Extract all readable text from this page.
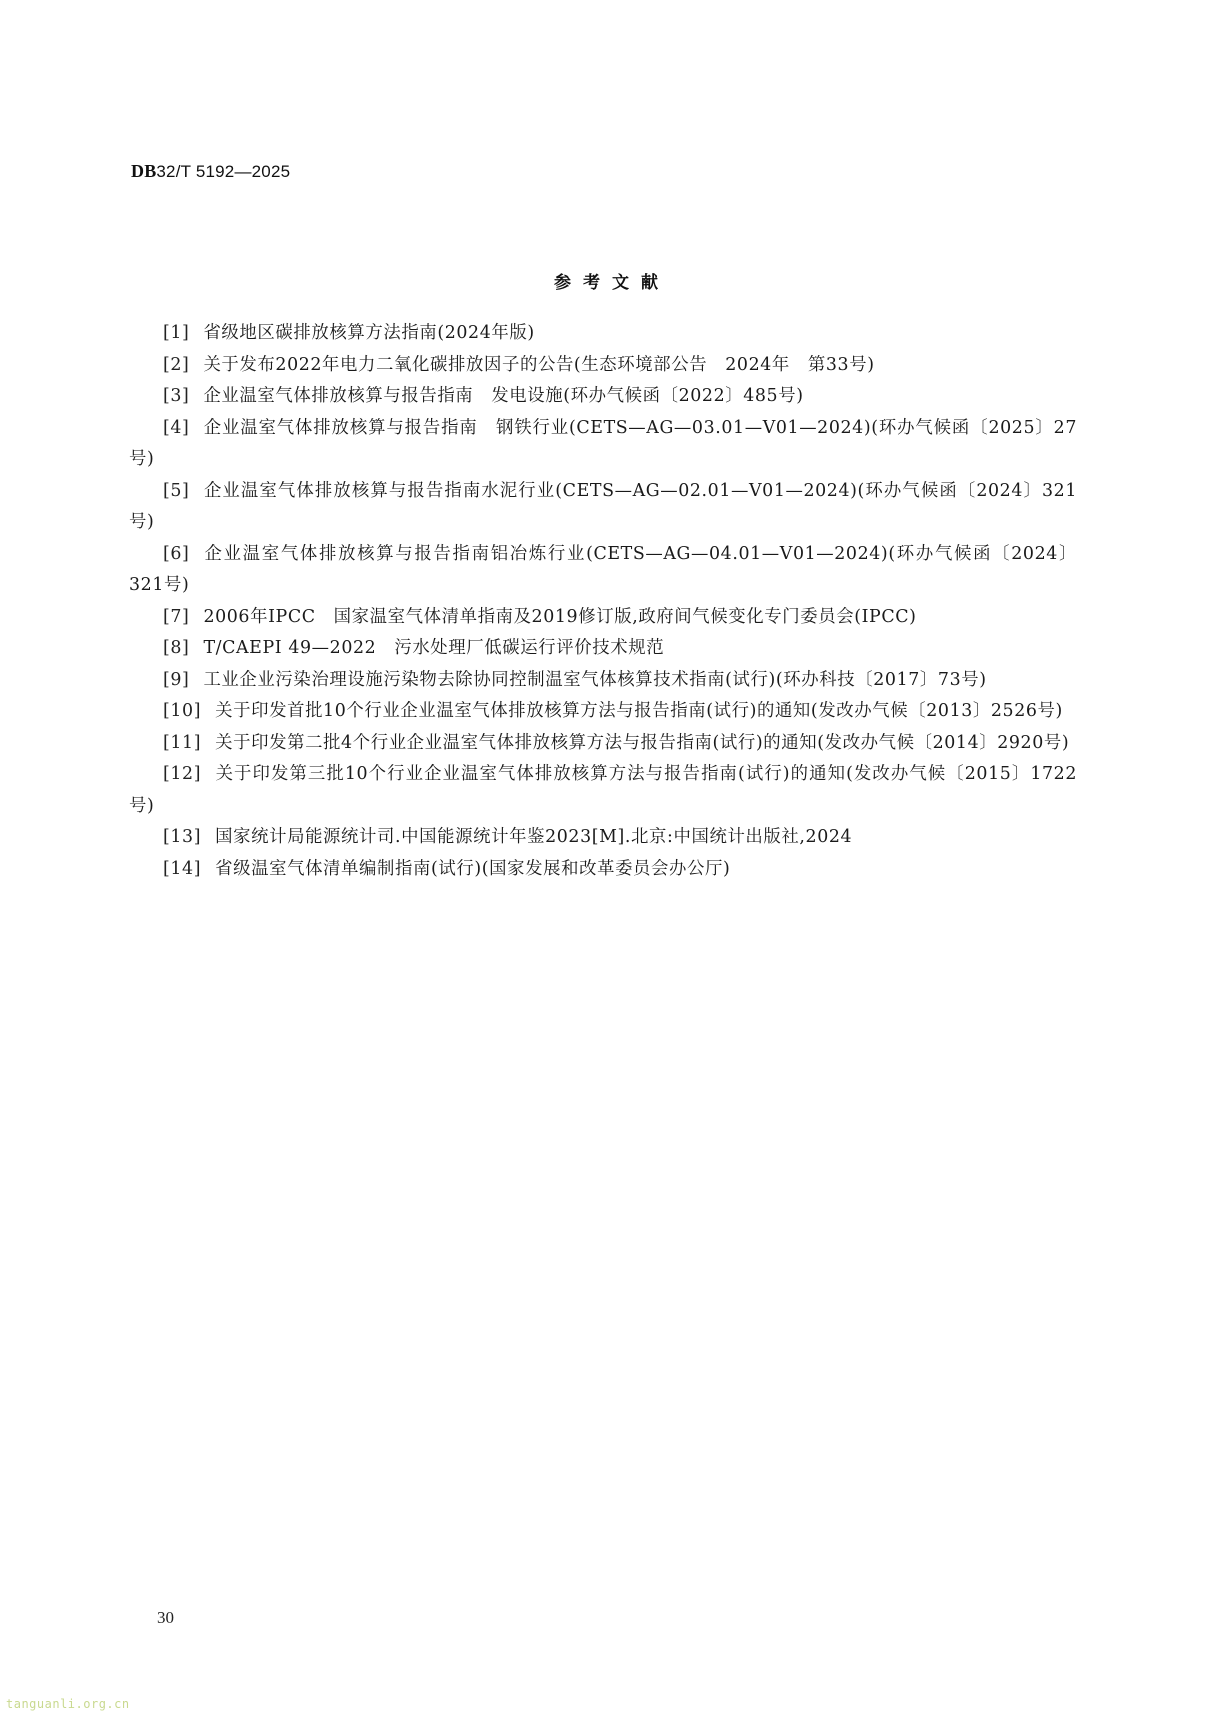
DB32/T 5192—2025
参考文献

[1] 省级地区碳排放核算方法指南(2024年版)

[2] 关于发布2022年电力二氧化碳排放因子的公告(生态环境部公告　2024年　第33号)

[3] 企业温室气体排放核算与报告指南　发电设施(环办气候函〔2022〕485号)

[4] 企业温室气体排放核算与报告指南　钢铁行业(CETS—AG—03.01—V01—2024)(环办气候函〔2025〕27号)

[5] 企业温室气体排放核算与报告指南水泥行业(CETS—AG—02.01—V01—2024)(环办气候函〔2024〕321号)

[6] 企业温室气体排放核算与报告指南铝冶炼行业(CETS—AG—04.01—V01—2024)(环办气候函〔2024〕321号)

[7] 2006年IPCC　国家温室气体清单指南及2019修订版,政府间气候变化专门委员会(IPCC)

[8] T/CAEPI 49—2022　污水处理厂低碳运行评价技术规范

[9] 工业企业污染治理设施污染物去除协同控制温室气体核算技术指南(试行)(环办科技〔2017〕73号)

[10] 关于印发首批10个行业企业温室气体排放核算方法与报告指南(试行)的通知(发改办气候〔2013〕2526号)

[11] 关于印发第二批4个行业企业温室气体排放核算方法与报告指南(试行)的通知(发改办气候〔2014〕2920号)

[12] 关于印发第三批10个行业企业温室气体排放核算方法与报告指南(试行)的通知(发改办气候〔2015〕1722号)

[13] 国家统计局能源统计司.中国能源统计年鉴2023[M].北京:中国统计出版社,2024

[14] 省级温室气体清单编制指南(试行)(国家发展和改革委员会办公厅)

30
tanguanli.org.cn
